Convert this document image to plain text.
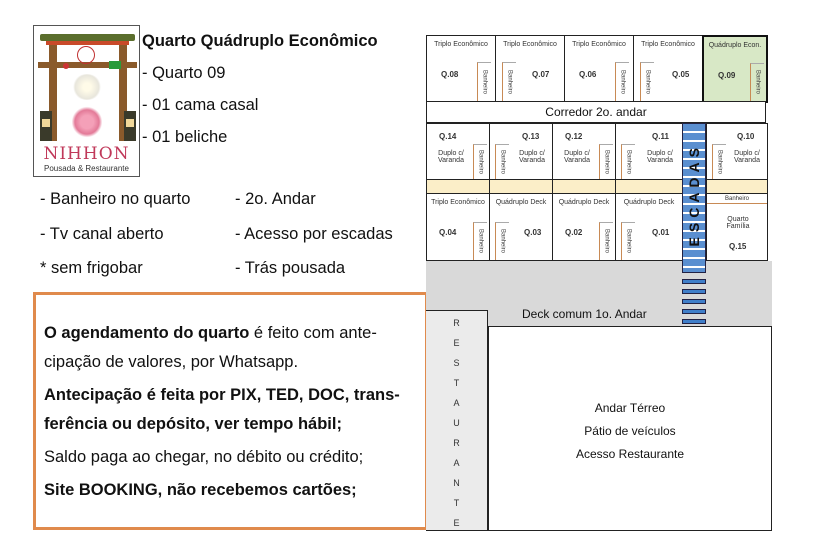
NIHHON
Pousada & Restaurante
Quarto Quádruplo Econômico
- Quarto 09
- 01 cama casal
- 01 beliche
- Banheiro no quarto	- 2o. Andar
- Tv canal aberto	- Acesso por escadas
* sem frigobar	- Trás pousada

O agendamento do quarto é feito com ante-cipação de valores, por Whatsapp.

Antecipação é feita por PIX, TED, DOC, trans-ferência ou depósito, ver tempo hábil;

Saldo paga ao chegar, no débito ou crédito;

Site BOOKING, não recebemos cartões;

Triplo Econômico
Q.08	Banheiro
Triplo Econômico
Q.07
Banheiro
Triplo Econômico
Q.06	Banheiro
Triplo Econômico
Q.05
Banheiro
Quádruplo Econ.
Q.09	Banheiro
Corredor 2o. andar
Q.14
Duplo c/ Varanda	Banheiro
Q.13
Duplo c/ Varanda
Banheiro
Q.12
Duplo c/ Varanda	Banheiro
Q.11
Duplo c/ Varanda
Banheiro
Q.10
Duplo c/ Varanda
Banheiro
Triplo Econômico
Q.04	Banheiro
Quádruplo Deck
Q.03
Banheiro
Quádruplo Deck
Q.02	Banheiro
Quádruplo Deck
Q.01
Banheiro
Banheiro
Quarto Família
Q.15
Deck comum 1o. Andar
ESCADAS
Andar Térreo
Pátio de veículos
Acesso Restaurante
R
E
S
T
A
U
R
A
N
T
E
